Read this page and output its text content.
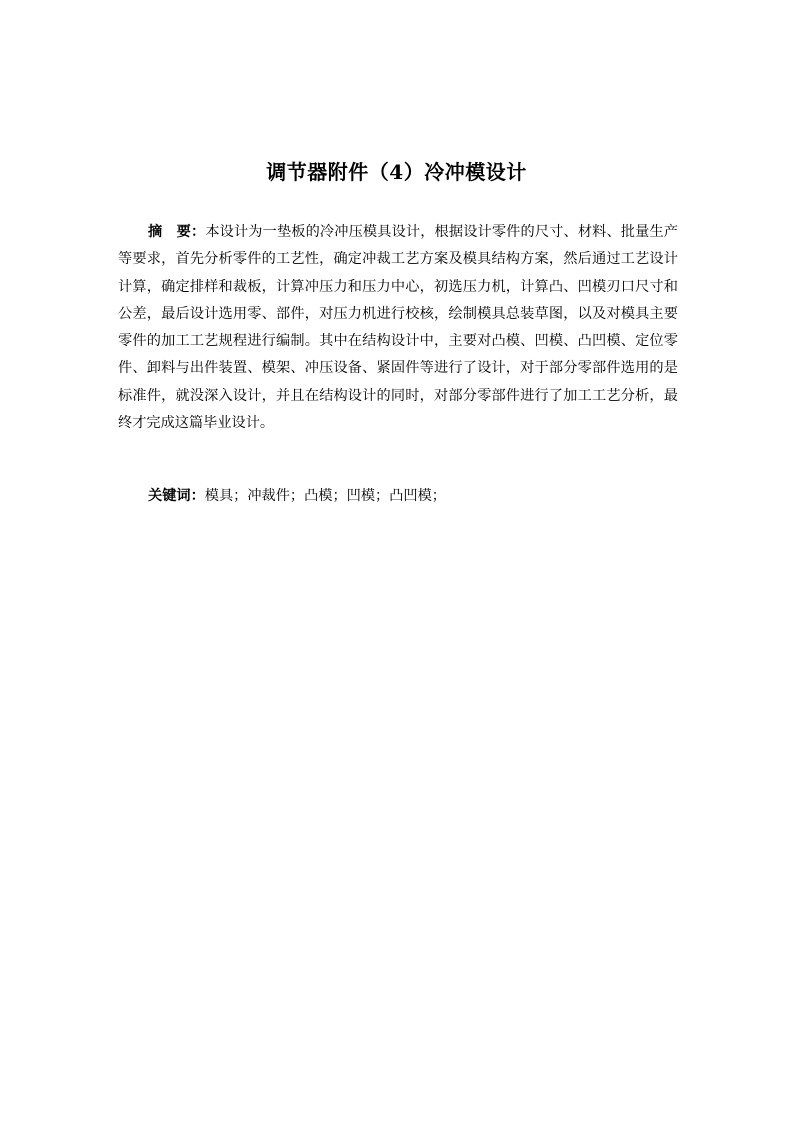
调节器附件（4）冷冲模设计

摘　要：本设计为一垫板的冷冲压模具设计，根据设计零件的尺寸、材料、批量生产等要求，首先分析零件的工艺性，确定冲裁工艺方案及模具结构方案，然后通过工艺设计计算，确定排样和裁板，计算冲压力和压力中心，初选压力机，计算凸、凹模刃口尺寸和公差，最后设计选用零、部件，对压力机进行校核，绘制模具总装草图，以及对模具主要零件的加工工艺规程进行编制。其中在结构设计中，主要对凸模、凹模、凸凹模、定位零件、卸料与出件装置、模架、冲压设备、紧固件等进行了设计，对于部分零部件选用的是标准件，就没深入设计，并且在结构设计的同时，对部分零部件进行了加工工艺分析，最终才完成这篇毕业设计。

关键词：模具；冲裁件；凸模；凹模；凸凹模；
